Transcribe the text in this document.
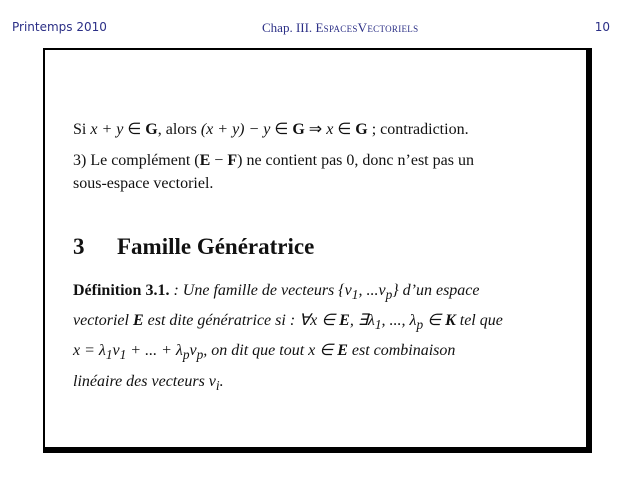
Printemps 2010	Chap. III. EspacesVectoriels	10

Si x + y ∈ G, alors (x + y) − y ∈ G ⇒ x ∈ G ; contradiction.

3) Le complément (E − F) ne contient pas 0, donc n’est pas un
sous-espace vectoriel.

3	Famille Génératrice

Définition 3.1. : Une famille de vecteurs {$v_1$, $...v_p$} d’un espace
vectoriel E est dite génératrice si : ∀x ∈ E, $\exists\lambda_1$, ..., $\lambda_p$ ∈ K tel que
$x = \lambda_1v_1$ + ... + $\lambda_pv_p$, on dit que tout x ∈ E est combinaison
linéaire des vecteurs $v_i$.
